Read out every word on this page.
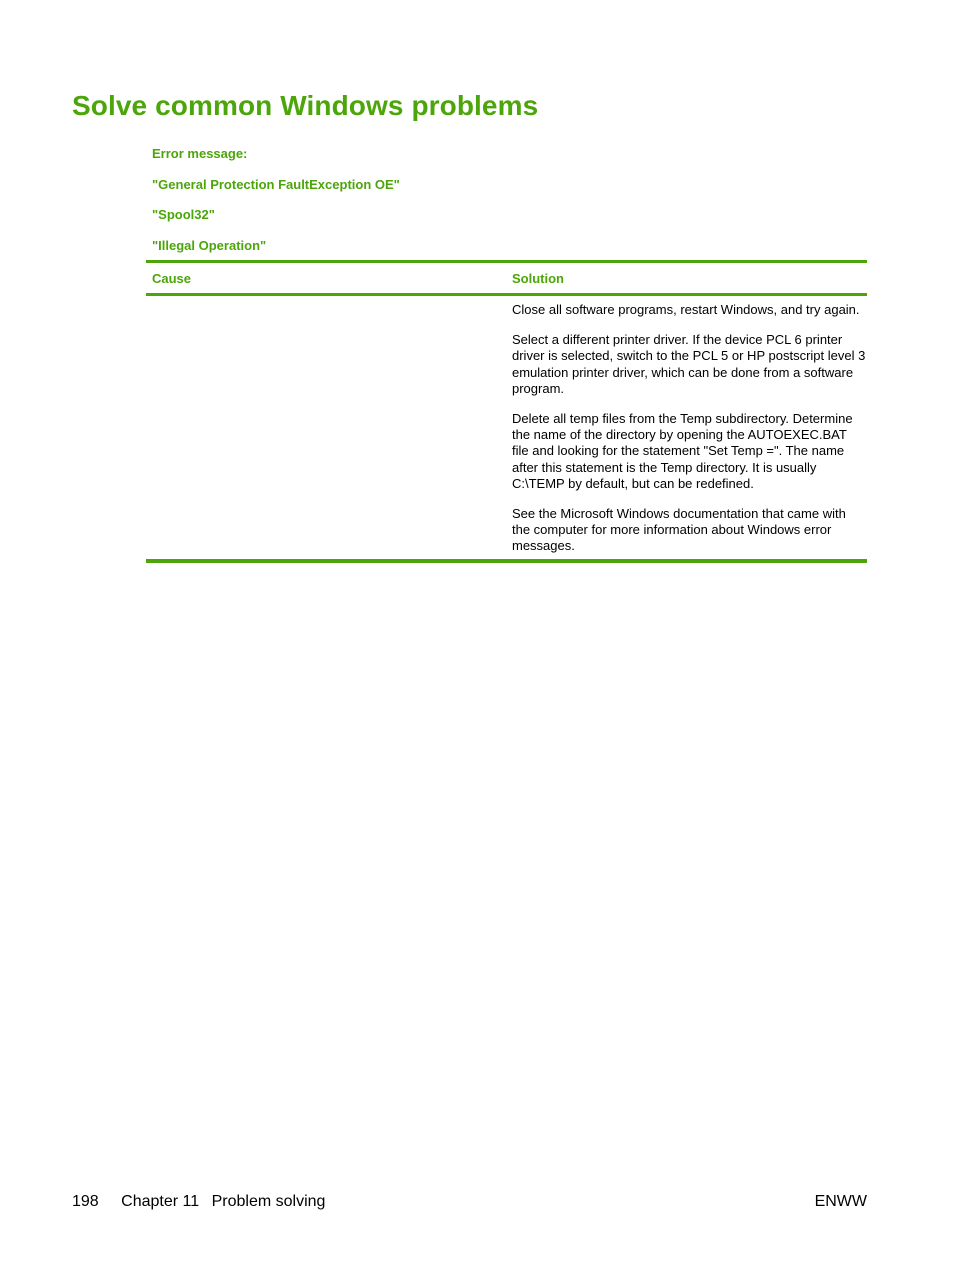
Solve common Windows problems
Error message:
"General Protection FaultException OE"
"Spool32"
"Illegal Operation"
Cause	Solution

Close all software programs, restart Windows, and try again.

Select a different printer driver. If the device PCL 6 printer driver is selected, switch to the PCL 5 or HP postscript level 3 emulation printer driver, which can be done from a software program.

Delete all temp files from the Temp subdirectory. Determine the name of the directory by opening the AUTOEXEC.BAT file and looking for the statement "Set Temp =". The name after this statement is the Temp directory. It is usually C:\TEMP by default, but can be redefined.

See the Microsoft Windows documentation that came with the computer for more information about Windows error messages.

198 Chapter 11 Problem solving	ENWW
